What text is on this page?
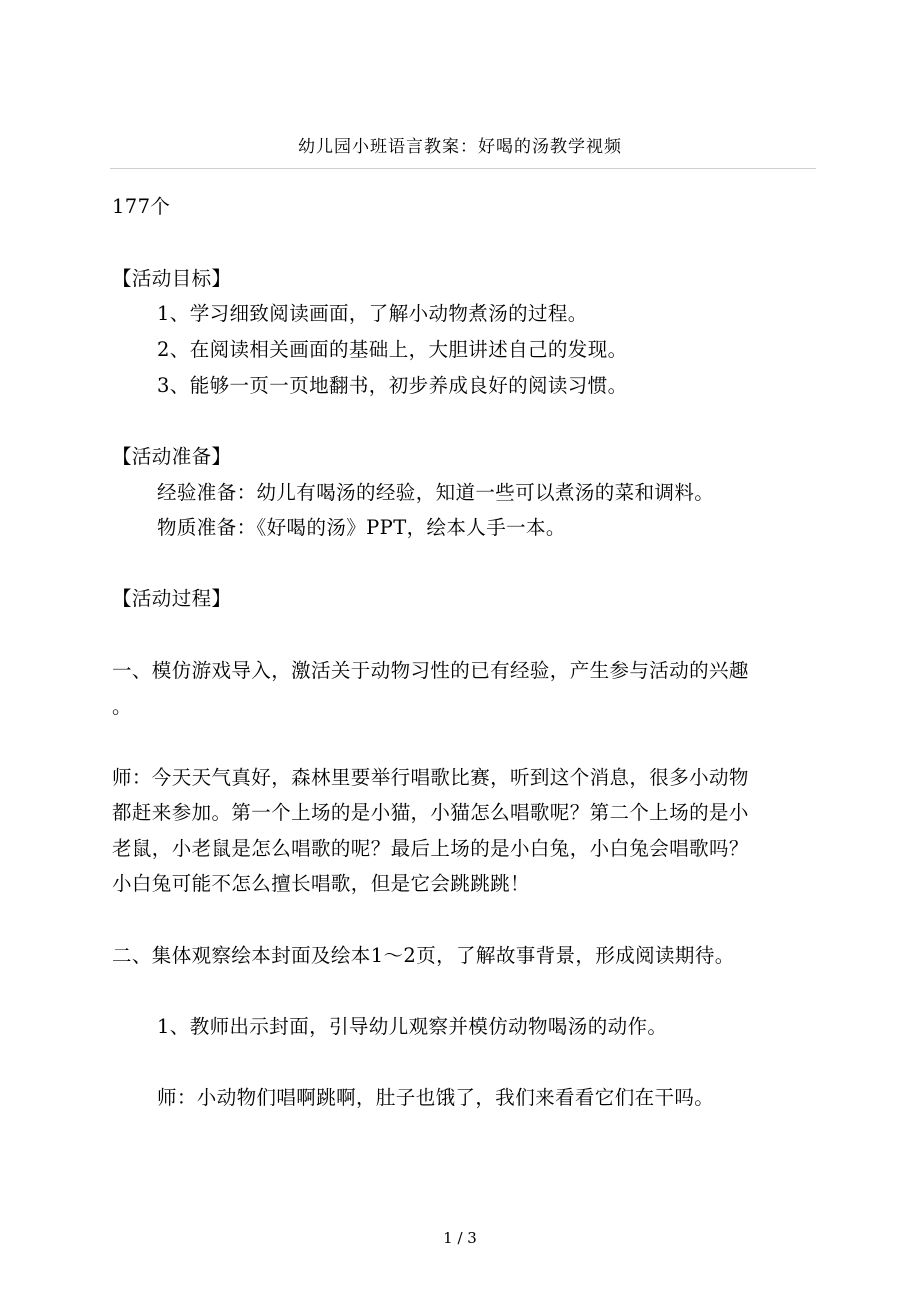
幼儿园小班语言教案：好喝的汤教学视频
177个
【活动目标】
1、学习细致阅读画面，了解小动物煮汤的过程。
2、在阅读相关画面的基础上，大胆讲述自己的发现。
3、能够一页一页地翻书，初步养成良好的阅读习惯。
【活动准备】
经验准备：幼儿有喝汤的经验，知道一些可以煮汤的菜和调料。
物质准备：《好喝的汤》PPT，绘本人手一本。
【活动过程】
一、模仿游戏导入，激活关于动物习性的已有经验，产生参与活动的兴趣
。
师：今天天气真好，森林里要举行唱歌比赛，听到这个消息，很多小动物
都赶来参加。第一个上场的是小猫，小猫怎么唱歌呢？第二个上场的是小
老鼠，小老鼠是怎么唱歌的呢？最后上场的是小白兔，小白兔会唱歌吗？
小白兔可能不怎么擅长唱歌，但是它会跳跳跳！
二、集体观察绘本封面及绘本1～2页，了解故事背景，形成阅读期待。
1、教师出示封面，引导幼儿观察并模仿动物喝汤的动作。
师：小动物们唱啊跳啊，肚子也饿了，我们来看看它们在干吗。
1 / 3
